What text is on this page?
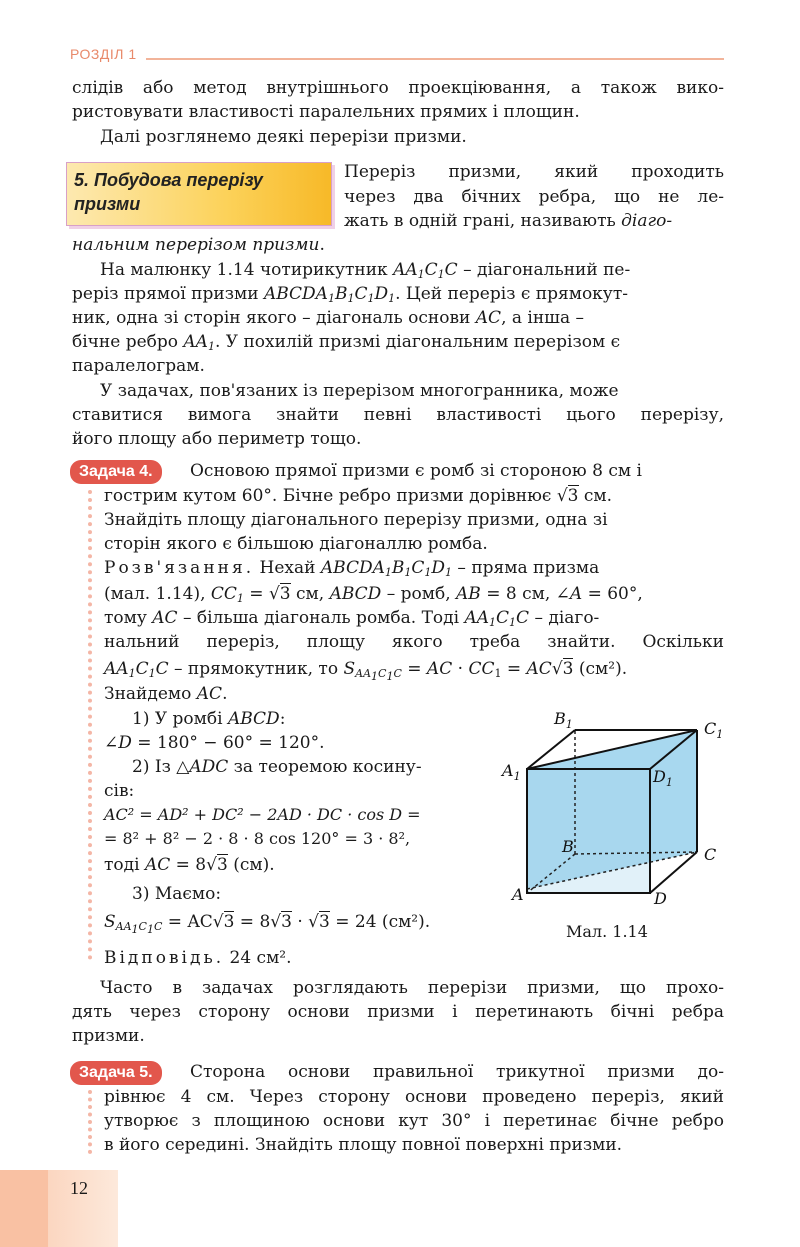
РОЗДІЛ 1
слідів або метод внутрішнього проекціювання, а також вико-
ристовувати властивості паралельних прямих і площин.
Далі розглянемо деякі перерізи призми.
5. Побудова перерізу
призми
Переріз призми, який проходить
через два бічних ребра, що не ле-
жать в одній грані, називають діаго-
нальним перерізом призми.
На малюнку 1.14 чотирикутник $AA_1C_1C$ – діагональний пе-
реріз прямої призми $ABCDA_1B_1C_1D_1$. Цей переріз є прямокут-
ник, одна зі сторін якого – діагональ основи AC, а інша –
бічне ребро $AA_1$. У похилій призмі діагональним перерізом є
паралелограм.
У задачах, пов'язаних із перерізом многогранника, може
ставитися вимога знайти певні властивості цього перерізу,
його площу або периметр тощо.
Задача 4.	Основою прямої призми є ромб зі стороною 8 см і
гострим кутом 60°. Бічне ребро призми дорівнює √3 см.
Знайдіть площу діагонального перерізу призми, одна зі
сторін якого є більшою діагоналлю ромба.
Розв'язання. Нехай $ABCDA_1B_1C_1D_1$ – пряма призма
(мал. 1.14), $CC_1 = √3$ см, ABCD – ромб, AB = 8 см, ∠A = 60°,
тому AC – більша діагональ ромба. Тоді $AA_1C_1C$ – діаго-
нальний переріз, площу якого треба знайти. Оскільки
$AA_1C_1C$ – прямокутник, то $S_{AA_1C_1C}$ = AC · $CC_1 = AC√3$ (см²).
Знайдемо AC.
1) У ромбі ABCD:
∠D = 180° − 60° = 120°.
2) Із △ADC за теоремою косину-
сів:
AC² = AD² + DC² − 2AD · DC · cos D =
= 8² + 8² − 2 · 8 · 8 cos 120° = 3 · 8²,
тоді AC = 8√3 (см).
3) Маємо:
$S_{AA_1C_1C} = AC√3 = 8√3 \cdot √3 = 24$ (см²).
Відповідь. 24 см².
$B_1$	$C_1$
$A_1$	$D_1$
B	C
A	D
Мал. 1.14
Часто в задачах розглядають перерізи призми, що прохо-
дять через сторону основи призми і перетинають бічні ребра
призми.
Задача 5.	Сторона основи правильної трикутної призми до-
рівнює 4 см. Через сторону основи проведено переріз, який
утворює з площиною основи кут 30° і перетинає бічне ребро
в його середині. Знайдіть площу повної поверхні призми.
12
